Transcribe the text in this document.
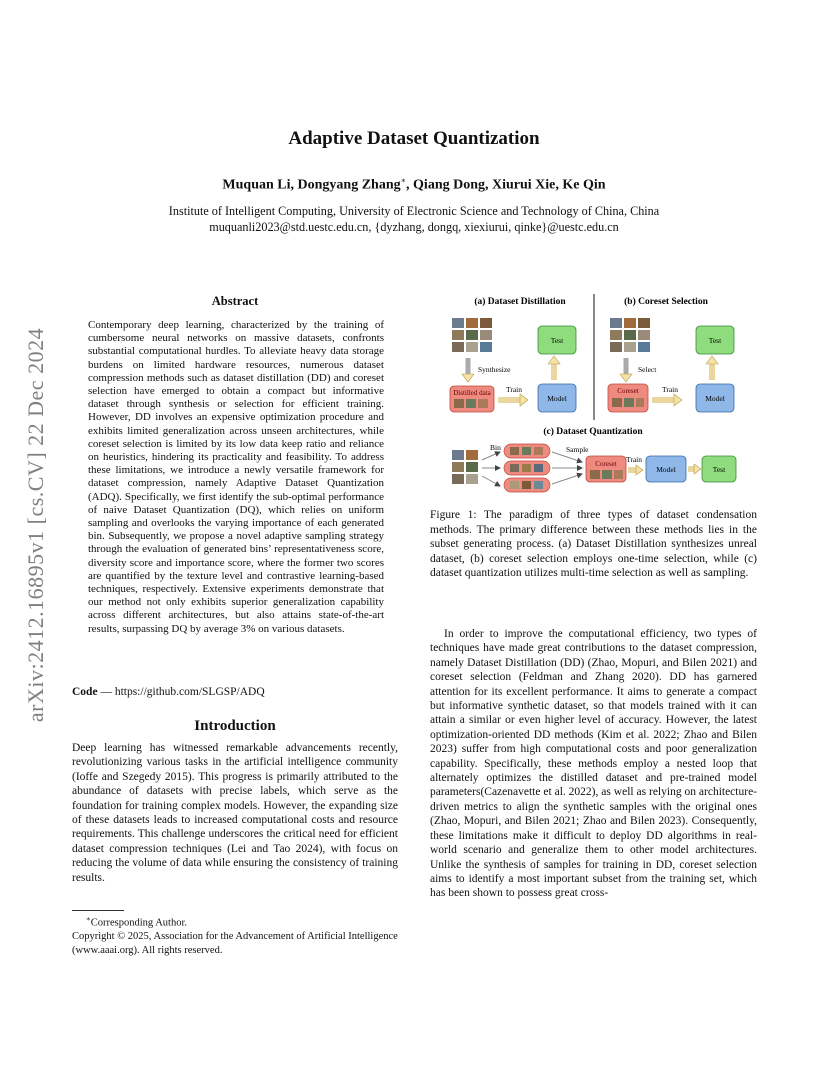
Adaptive Dataset Quantization
Muquan Li, Dongyang Zhang∗, Qiang Dong, Xiurui Xie, Ke Qin
Institute of Intelligent Computing, University of Electronic Science and Technology of China, China
muquanli2023@std.uestc.edu.cn, {dyzhang, dongq, xiexiurui, qinke}@uestc.edu.cn
arXiv:2412.16895v1 [cs.CV] 22 Dec 2024
Abstract

Contemporary deep learning, characterized by the training of cumbersome neural networks on massive datasets, confronts substantial computational hurdles. To alleviate heavy data storage burdens on limited hardware resources, numerous dataset compression methods such as dataset distillation (DD) and coreset selection have emerged to obtain a compact but informative dataset through synthesis or selection for efficient training. However, DD involves an expensive optimization procedure and exhibits limited generalization across unseen architectures, while coreset selection is limited by its low data keep ratio and reliance on heuristics, hindering its practicality and feasibility. To address these limitations, we introduce a newly versatile framework for dataset compression, namely Adaptive Dataset Quantization (ADQ). Specifically, we first identify the sub-optimal performance of naive Dataset Quantization (DQ), which relies on uniform sampling and overlooks the varying importance of each generated bin. Subsequently, we propose a novel adaptive sampling strategy through the evaluation of generated bins’ representativeness score, diversity score and importance score, where the former two scores are quantified by the texture level and contrastive learning-based techniques, respectively. Extensive experiments demonstrate that our method not only exhibits superior generalization capability across different architectures, but also attains state-of-the-art results, surpassing DQ by average 3% on various datasets.

Code — https://github.com/SLGSP/ADQ
Introduction

Deep learning has witnessed remarkable advancements recently, revolutionizing various tasks in the artificial intelligence community (Ioffe and Szegedy 2015). This progress is primarily attributed to the abundance of datasets with precise labels, which serve as the foundation for training complex models. However, the expanding size of these datasets leads to increased computational costs and resource requirements. This challenge underscores the critical need for efficient dataset compression techniques (Lei and Tao 2024), with focus on reducing the volume of data while ensuring the consistency of training results.

∗Corresponding Author.
Copyright © 2025, Association for the Advancement of Artificial Intelligence (www.aaai.org). All rights reserved.
(a) Dataset Distillation	(b) Coreset Selection
Synthesize
Distilled data Train
Model
Test
Select
Coreset	Train
Model
Test
(c) Dataset Quantization
Bin	Sample
Coreset Train
Model	Test

Figure 1: The paradigm of three types of dataset condensation methods. The primary difference between these methods lies in the subset generating process. (a) Dataset Distillation synthesizes unreal dataset, (b) coreset selection employs one-time selection, while (c) dataset quantization utilizes multi-time selection as well as sampling.

In order to improve the computational efficiency, two types of techniques have made great contributions to the dataset compression, namely Dataset Distillation (DD) (Zhao, Mopuri, and Bilen 2021) and coreset selection (Feldman and Zhang 2020). DD has garnered attention for its excellent performance. It aims to generate a compact but informative synthetic dataset, so that models trained with it can attain a similar or even higher level of accuracy. However, the latest optimization-oriented DD methods (Kim et al. 2022; Zhao and Bilen 2023) suffer from high computational costs and poor generalization capability. Specifically, these methods employ a nested loop that alternately optimizes the distilled dataset and pre-trained model parameters(Cazenavette et al. 2022), as well as relying on architecture-driven metrics to align the synthetic samples with the original ones (Zhao, Mopuri, and Bilen 2021; Zhao and Bilen 2023). Consequently, these limitations make it difficult to deploy DD algorithms in real-world scenario and generalize them to other model architectures. Unlike the synthesis of samples for training in DD, coreset selection aims to identify a most important subset from the training set, which has been shown to possess great cross-
